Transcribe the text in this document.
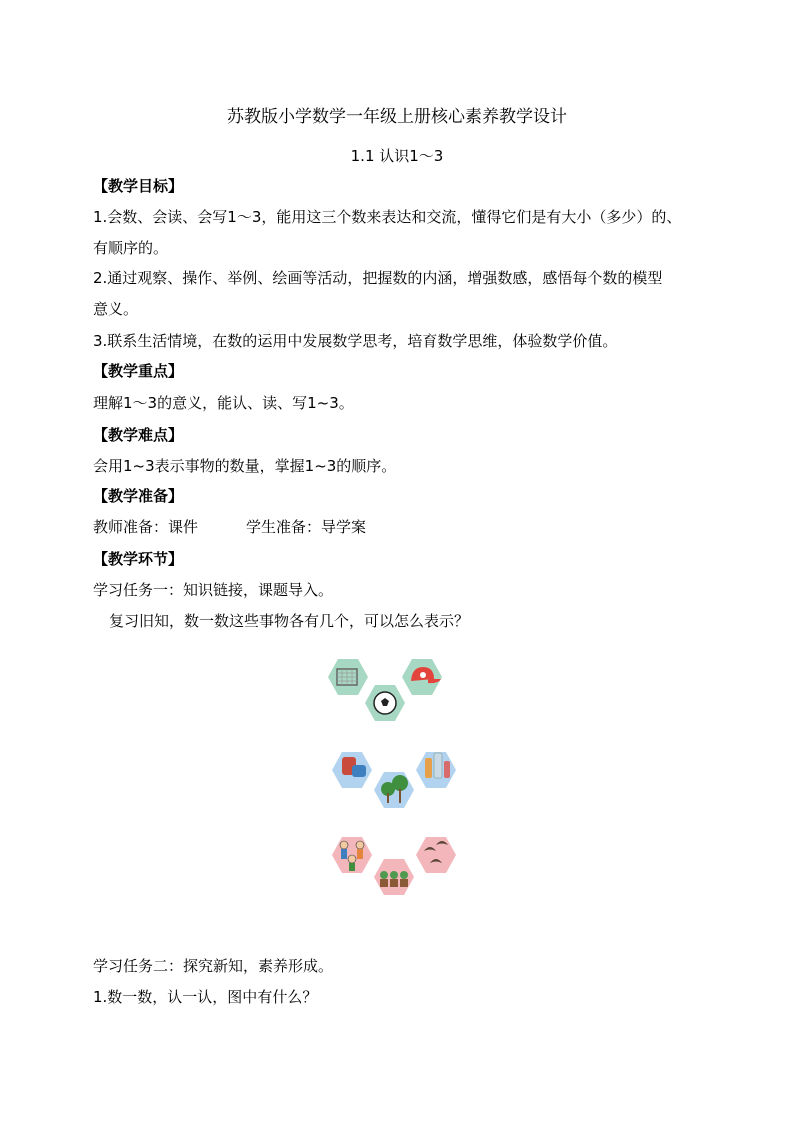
苏教版小学数学一年级上册核心素养教学设计
1.1 认识1～3
【教学目标】
1.会数、会读、会写1～3，能用这三个数来表达和交流，懂得它们是有大小（多少）的、
有顺序的。
2.通过观察、操作、举例、绘画等活动，把握数的内涵，增强数感，感悟每个数的模型
意义。
3.联系生活情境，在数的运用中发展数学思考，培育数学思维，体验数学价值。
【教学重点】
理解1～3的意义，能认、读、写1~3。
【教学难点】
会用1~3表示事物的数量，掌握1~3的顺序。
【教学准备】
教师准备：课件	学生准备：导学案
【教学环节】
学习任务一：知识链接，课题导入。
复习旧知，数一数这些事物各有几个，可以怎么表示？
学习任务二：探究新知，素养形成。
1.数一数，认一认，图中有什么？
